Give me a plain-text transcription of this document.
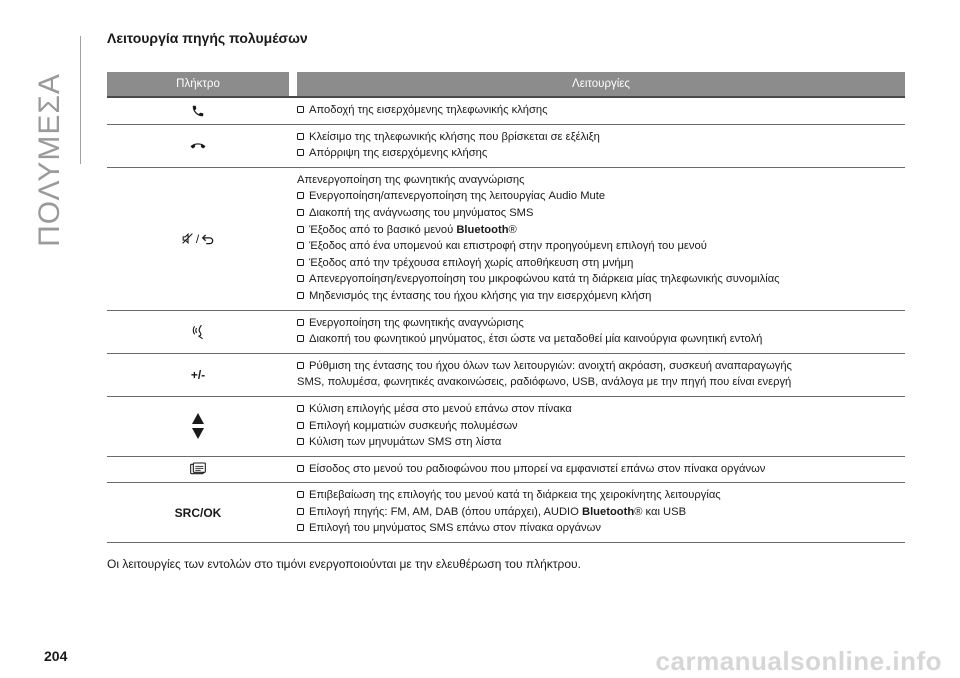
ΠΟΛΥΜΕΣΑ
Λειτουργία πηγής πολυμέσων
Πλήκτρο	Λειτουργίες
Αποδοχή της εισερχόμενης τηλεφωνικής κλήσης
Κλείσιμο της τηλεφωνικής κλήσης που βρίσκεται σε εξέλιξη
Απόρριψη της εισερχόμενης κλήσης
/
Απενεργοποίηση της φωνητικής αναγνώρισης
Ενεργοποίηση/απενεργοποίηση της λειτουργίας Audio Mute
Διακοπή της ανάγνωσης του μηνύματος SMS
Έξοδος από το βασικό μενού Bluetooth®
Έξοδος από ένα υπομενού και επιστροφή στην προηγούμενη επιλογή του μενού
Έξοδος από την τρέχουσα επιλογή χωρίς αποθήκευση στη μνήμη
Απενεργοποίηση/ενεργοποίηση του μικροφώνου κατά τη διάρκεια μίας τηλεφωνικής συνομιλίας
Μηδενισμός της έντασης του ήχου κλήσης για την εισερχόμενη κλήση
Ενεργοποίηση της φωνητικής αναγνώρισης
Διακοπή του φωνητικού μηνύματος, έτσι ώστε να μεταδοθεί μία καινούργια φωνητική εντολή
+/-
Ρύθμιση της έντασης του ήχου όλων των λειτουργιών: ανοιχτή ακρόαση, συσκευή αναπαραγωγής
SMS, πολυμέσα, φωνητικές ανακοινώσεις, ραδιόφωνο, USB, ανάλογα με την πηγή που είναι ενεργή
Κύλιση επιλογής μέσα στο μενού επάνω στον πίνακα
Επιλογή κομματιών συσκευής πολυμέσων
Κύλιση των μηνυμάτων SMS στη λίστα
Είσοδος στο μενού του ραδιοφώνου που μπορεί να εμφανιστεί επάνω στον πίνακα οργάνων
SRC/OK
Επιβεβαίωση της επιλογής του μενού κατά τη διάρκεια της χειροκίνητης λειτουργίας
Επιλογή πηγής: FM, AM, DAB (όπου υπάρχει), AUDIO Bluetooth® και USB
Επιλογή του μηνύματος SMS επάνω στον πίνακα οργάνων
Οι λειτουργίες των εντολών στο τιμόνι ενεργοποιούνται με την ελευθέρωση του πλήκτρου.
204	carmanualsonline.info
